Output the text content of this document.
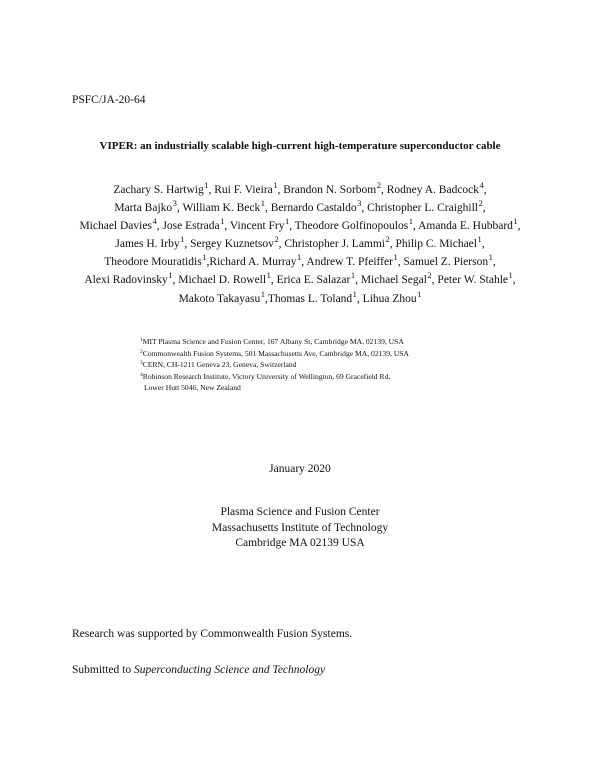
PSFC/JA-20-64
VIPER: an industrially scalable high-current high-temperature superconductor cable
Zachary S. Hartwig$^1$, Rui F. Vieira$^1$, Brandon N. Sorbom$^2$, Rodney A. Badcock$^4$,
Marta Bajko$^3$, William K. Beck$^1$, Bernardo Castaldo$^3$, Christopher L. Craighill$^2$,
Michael Davies$^4$, Jose Estrada$^1$, Vincent Fry$^1$, Theodore Golfinopoulos$^1$, Amanda E. Hubbard$^1$,
James H. Irby$^1$, Sergey Kuznetsov$^2$, Christopher J. Lammi$^2$, Philip C. Michael$^1$,
Theodore Mouratidis$^1$,Richard A. Murray$^1$, Andrew T. Pfeiffer$^1$, Samuel Z. Pierson$^1$,
Alexi Radovinsky$^1$, Michael D. Rowell$^1$, Erica E. Salazar$^1$, Michael Segal$^2$, Peter W. Stahle$^1$,
Makoto Takayasu$^1$,Thomas L. Toland$^1$, Lihua Zhou$^1$
$^1$MIT Plasma Science and Fusion Center, 167 Albany St, Cambridge MA, 02139, USA
$^2$Commonwealth Fusion Systems, 501 Massachusetts Ave, Cambridge MA, 02139, USA
$^3$CERN, CH-1211 Geneva 23, Geneva, Switzerland
$^4$Robinson Research Institute, Victory University of Wellington, 69 Gracefield Rd,
Lower Hutt 5046, New Zealand
January 2020
Plasma Science and Fusion Center
Massachusetts Institute of Technology
Cambridge MA 02139 USA
Research was supported by Commonwealth Fusion Systems.
Submitted to Superconducting Science and Technology
